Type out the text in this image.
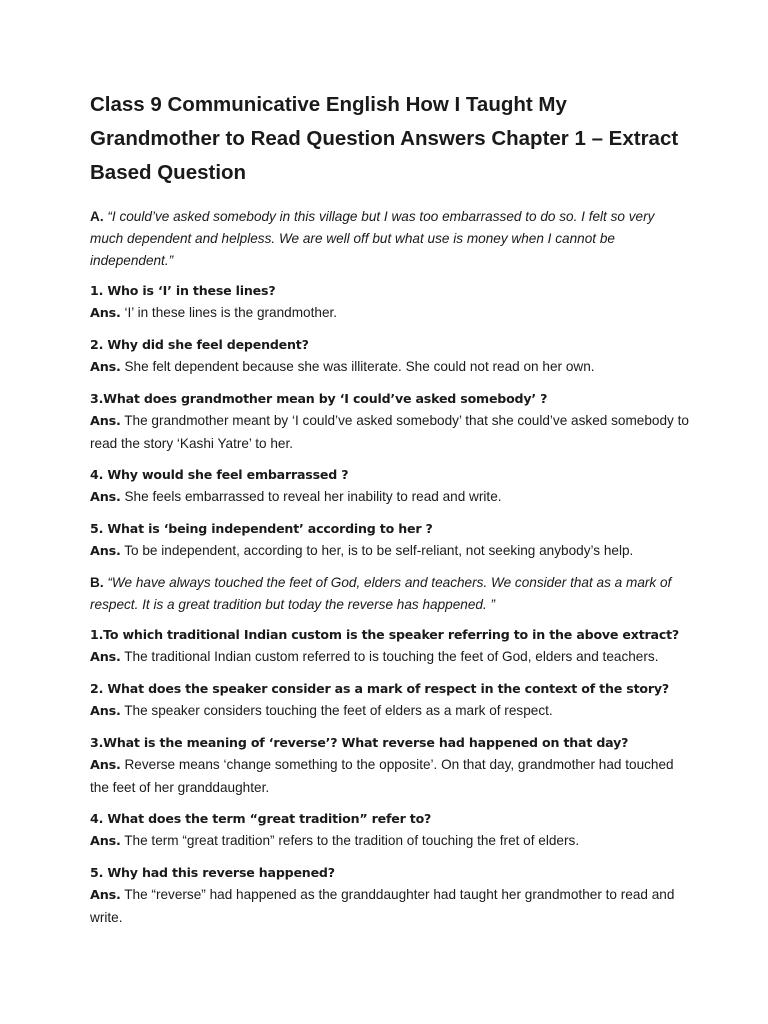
Class 9 Communicative English How I Taught My Grandmother to Read Question Answers Chapter 1 – Extract Based Question

A. “I could’ve asked somebody in this village but I was too embarrassed to do so. I felt so very much dependent and helpless. We are well off but what use is money when I cannot be independent.”

1. Who is ‘I’ in these lines?

Ans. ‘I’ in these lines is the grandmother.

2. Why did she feel dependent?

Ans. She felt dependent because she was illiterate. She could not read on her own.

3.What does grandmother mean by ‘I could’ve asked somebody’ ?

Ans. The grandmother meant by ‘I could’ve asked somebody’ that she could’ve asked somebody to read the story ‘Kashi Yatre’ to her.

4. Why would she feel embarrassed ?

Ans. She feels embarrassed to reveal her inability to read and write.

5. What is ‘being independent’ according to her ?

Ans. To be independent, according to her, is to be self-reliant, not seeking anybody’s help.

B. “We have always touched the feet of God, elders and teachers. We consider that as a mark of respect. It is a great tradition but today the reverse has happened. ”

1.To which traditional Indian custom is the speaker referring to in the above extract?

Ans. The traditional Indian custom referred to is touching the feet of God, elders and teachers.

2. What does the speaker consider as a mark of respect in the context of the story?

Ans. The speaker considers touching the feet of elders as a mark of respect.

3.What is the meaning of ‘reverse’? What reverse had happened on that day?

Ans. Reverse means ‘change something to the opposite’. On that day, grandmother had touched the feet of her granddaughter.

4. What does the term “great tradition” refer to?

Ans. The term “great tradition” refers to the tradition of touching the fret of elders.

5. Why had this reverse happened?

Ans. The “reverse” had happened as the granddaughter had taught her grandmother to read and write.
